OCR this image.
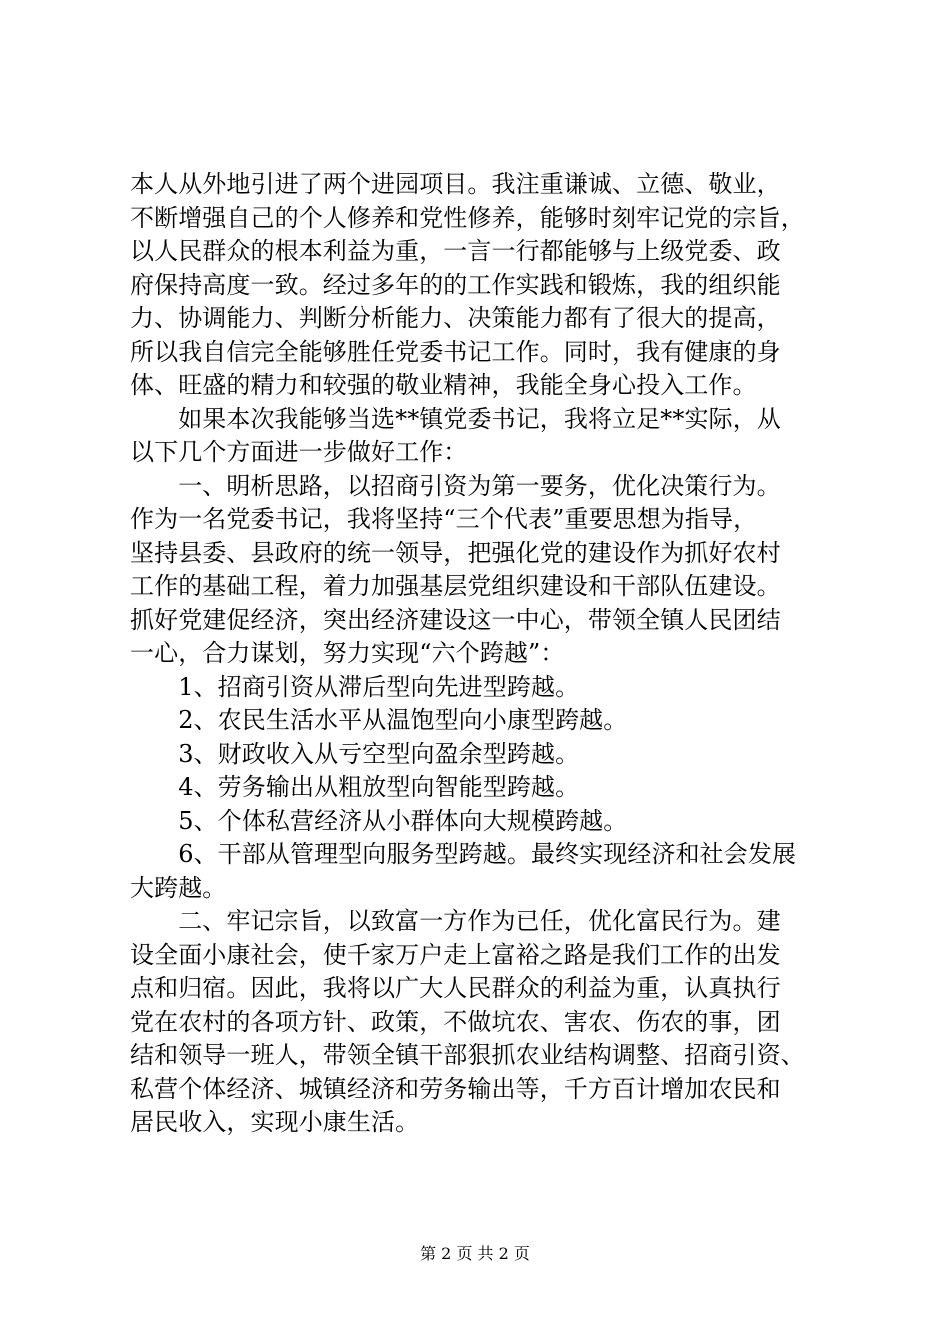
本人从外地引进了两个进园项目。我注重谦诚、立德、敬业，
不断增强自己的个人修养和党性修养，能够时刻牢记党的宗旨，
以人民群众的根本利益为重，一言一行都能够与上级党委、政
府保持高度一致。经过多年的的工作实践和锻炼，我的组织能
力、协调能力、判断分析能力、决策能力都有了很大的提高，
所以我自信完全能够胜任党委书记工作。同时，我有健康的身
体、旺盛的精力和较强的敬业精神，我能全身心投入工作。
　　如果本次我能够当选**镇党委书记，我将立足**实际，从
以下几个方面进一步做好工作：
　　一、明析思路，以招商引资为第一要务，优化决策行为。
作为一名党委书记，我将坚持“三个代表”重要思想为指导，
坚持县委、县政府的统一领导，把强化党的建设作为抓好农村
工作的基础工程，着力加强基层党组织建设和干部队伍建设。
抓好党建促经济，突出经济建设这一中心，带领全镇人民团结
一心，合力谋划，努力实现“六个跨越”：
　　1、招商引资从滞后型向先进型跨越。
　　2、农民生活水平从温饱型向小康型跨越。
　　3、财政收入从亏空型向盈余型跨越。
　　4、劳务输出从粗放型向智能型跨越。
　　5、个体私营经济从小群体向大规模跨越。
　　6、干部从管理型向服务型跨越。最终实现经济和社会发展
大跨越。
　　二、牢记宗旨，以致富一方作为已任，优化富民行为。建
设全面小康社会，使千家万户走上富裕之路是我们工作的出发
点和归宿。因此，我将以广大人民群众的利益为重，认真执行
党在农村的各项方针、政策，不做坑农、害农、伤农的事，团
结和领导一班人，带领全镇干部狠抓农业结构调整、招商引资、
私营个体经济、城镇经济和劳务输出等，千方百计增加农民和
居民收入，实现小康生活。
第 2 页 共 2 页
